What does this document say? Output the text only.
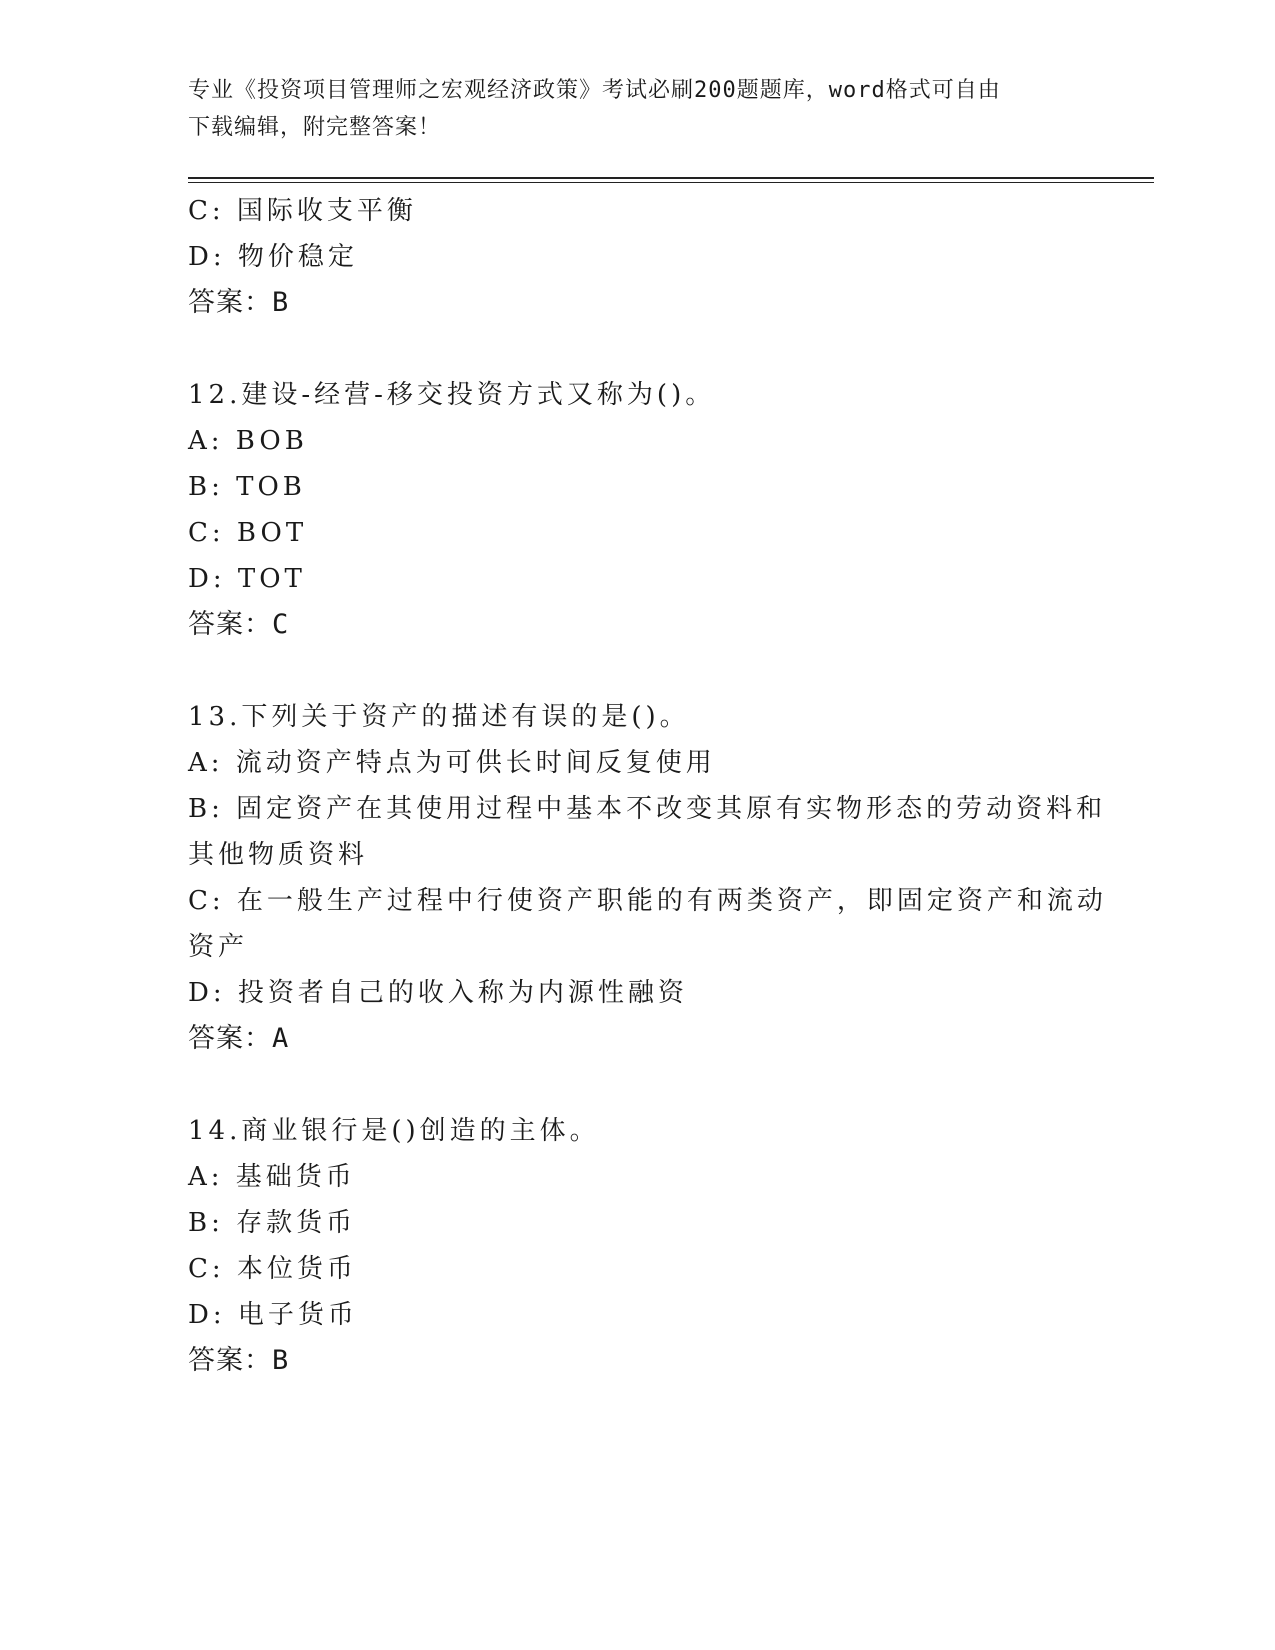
专业《投资项目管理师之宏观经济政策》考试必刷200题题库，word格式可自由
下载编辑，附完整答案！
C: 国际收支平衡
D: 物价稳定
答案：B
12.建设-经营-移交投资方式又称为()。
A: BOB
B: TOB
C: BOT
D: TOT
答案：C
13.下列关于资产的描述有误的是()。
A: 流动资产特点为可供长时间反复使用
B: 固定资产在其使用过程中基本不改变其原有实物形态的劳动资料和
其他物质资料
C: 在一般生产过程中行使资产职能的有两类资产，即固定资产和流动
资产
D: 投资者自己的收入称为内源性融资
答案：A
14.商业银行是()创造的主体。
A: 基础货币
B: 存款货币
C: 本位货币
D: 电子货币
答案：B
